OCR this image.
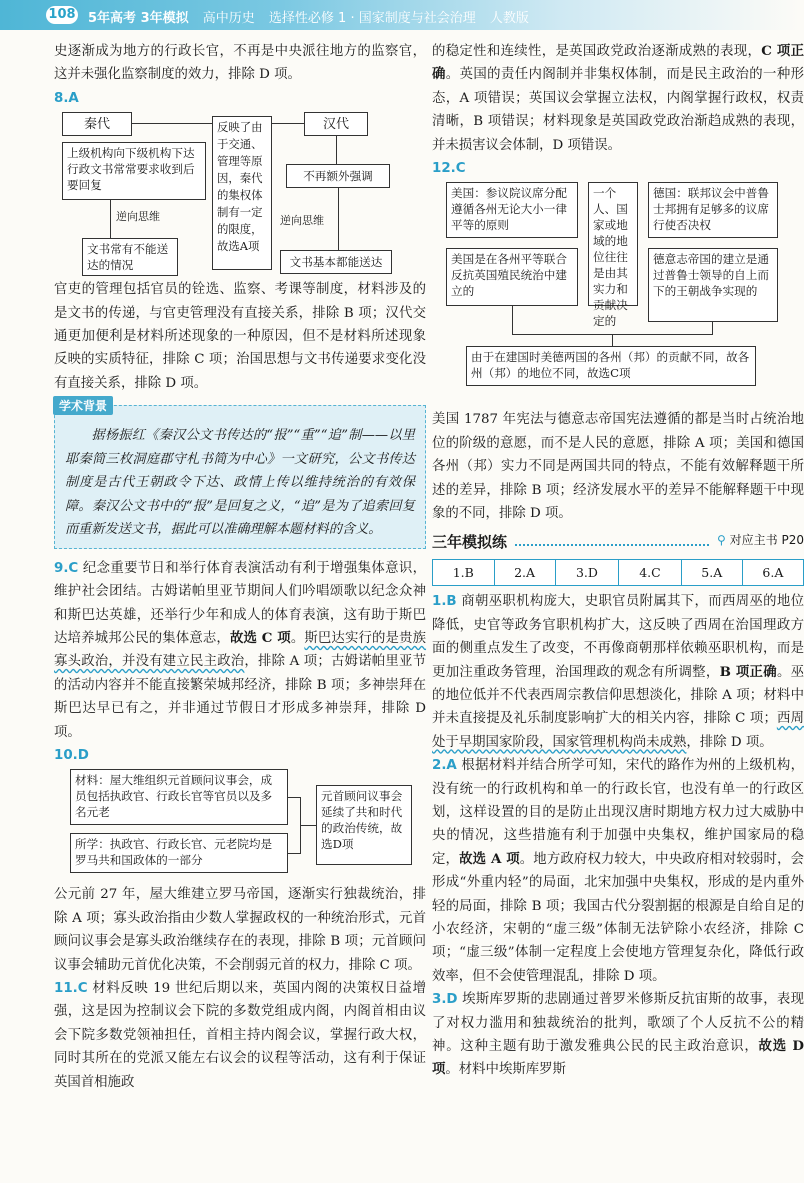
108 5年高考 3年模拟 高中历史 选择性必修 1 · 国家制度与社会治理 人教版

史逐渐成为地方的行政长官，不再是中央派往地方的监察官，这并未强化监察制度的效力，排除 D 项。

8.A

秦代
上级机构向下级机构下达行政文书常常要求收到后要回复
逆向思维
文书常有不能送达的情况
反映了由于交通、管理等原因，秦代的集权体制有一定的限度，故选A项
汉代
不再额外强调
逆向思维
文书基本都能送达

官吏的管理包括官员的铨选、监察、考课等制度，材料涉及的是文书的传递，与官吏管理没有直接关系，排除 B 项；汉代交通更加便利是材料所述现象的一种原因，但不是材料所述现象反映的实质特征，排除 C 项；治国思想与文书传递要求变化没有直接关系，排除 D 项。

学术背景

据杨振红《秦汉公文书传达的“报”“重”“追”制——以里耶秦简三枚洞庭郡守札书简为中心》一文研究，公文书传达制度是古代王朝政令下达、政情上传以维持统治的有效保障。秦汉公文书中的“报”是回复之义，“追”是为了追索回复而重新发送文书，据此可以准确理解本题材料的含义。

9.C 纪念重要节日和举行体育表演活动有利于增强集体意识，维护社会团结。古姆诺帕里亚节期间人们吟唱颂歌以纪念众神和斯巴达英雄，还举行少年和成人的体育表演，这有助于斯巴达培养城邦公民的集体意志，故选 C 项。斯巴达实行的是贵族寡头政治，并没有建立民主政治，排除 A 项；古姆诺帕里亚节的活动内容并不能直接繁荣城邦经济，排除 B 项；多神崇拜在斯巴达早已有之，并非通过节假日才形成多神崇拜，排除 D 项。

10.D

材料：屋大维组织元首顾问议事会，成员包括执政官、行政长官等官员以及多名元老
所学：执政官、行政长官、元老院均是罗马共和国政体的一部分
元首顾问议事会延续了共和时代的政治传统，故选D项

公元前 27 年，屋大维建立罗马帝国，逐渐实行独裁统治，排除 A 项；寡头政治指由少数人掌握政权的一种统治形式，元首顾问议事会是寡头政治继续存在的表现，排除 B 项；元首顾问议事会辅助元首优化决策，不会削弱元首的权力，排除 C 项。

11.C 材料反映 19 世纪后期以来，英国内阁的决策权日益增强，这是因为控制议会下院的多数党组成内阁，内阁首相由议会下院多数党领袖担任，首相主持内阁会议，掌握行政大权，同时其所在的党派又能左右议会的议程等活动，这有利于保证英国首相施政

的稳定性和连续性，是英国政党政治逐渐成熟的表现，C 项正确。英国的责任内阁制并非集权体制，而是民主政治的一种形态，A 项错误；英国议会掌握立法权，内阁掌握行政权，权责清晰，B 项错误；材料现象是英国政党政治渐趋成熟的表现，并未损害议会体制，D 项错误。

12.C

美国：参议院议席分配遵循各州无论大小一律平等的原则
美国是在各州平等联合反抗英国殖民统治中建立的
一个人、国家或地域的地位往往是由其实力和贡献决定的
德国：联邦议会中普鲁士邦拥有足够多的议席行使否决权
德意志帝国的建立是通过普鲁士领导的自上而下的王朝战争实现的
由于在建国时美德两国的各州（邦）的贡献不同，故各州（邦）的地位不同，故选C项

美国 1787 年宪法与德意志帝国宪法遵循的都是当时占统治地位的阶级的意愿，而不是人民的意愿，排除 A 项；美国和德国各州（邦）实力不同是两国共同的特点，不能有效解释题干所述的差异，排除 B 项；经济发展水平的差异不能解释题干中现象的不同，排除 D 项。

三年模拟练	⚲ 对应主书 P20
1.B	2.A	3.D	4.C	5.A	6.A

1.B 商朝巫职机构庞大，史职官员附属其下，而西周巫的地位降低，史官等政务官职机构扩大，这反映了西周在治国理政方面的侧重点发生了改变，不再像商朝那样依赖巫职机构，而是更加注重政务管理，治国理政的观念有所调整，B 项正确。巫的地位低并不代表西周宗教信仰思想淡化，排除 A 项；材料中并未直接提及礼乐制度影响扩大的相关内容，排除 C 项；西周处于早期国家阶段，国家管理机构尚未成熟，排除 D 项。

2.A 根据材料并结合所学可知，宋代的路作为州的上级机构，没有统一的行政机构和单一的行政长官，也没有单一的行政区划，这样设置的目的是防止出现汉唐时期地方权力过大威胁中央的情况，这些措施有利于加强中央集权，维护国家局的稳定，故选 A 项。地方政府权力较大，中央政府相对较弱时，会形成“外重内轻”的局面，北宋加强中央集权，形成的是内重外轻的局面，排除 B 项；我国古代分裂割据的根源是自给自足的小农经济，宋朝的“虚三级”体制无法铲除小农经济，排除 C 项；“虚三级”体制一定程度上会使地方管理复杂化，降低行政效率，但不会使管理混乱，排除 D 项。

3.D 埃斯库罗斯的悲剧通过普罗米修斯反抗宙斯的故事，表现了对权力滥用和独裁统治的批判，歌颂了个人反抗不公的精神。这种主题有助于激发雅典公民的民主政治意识，故选 D 项。材料中埃斯库罗斯
